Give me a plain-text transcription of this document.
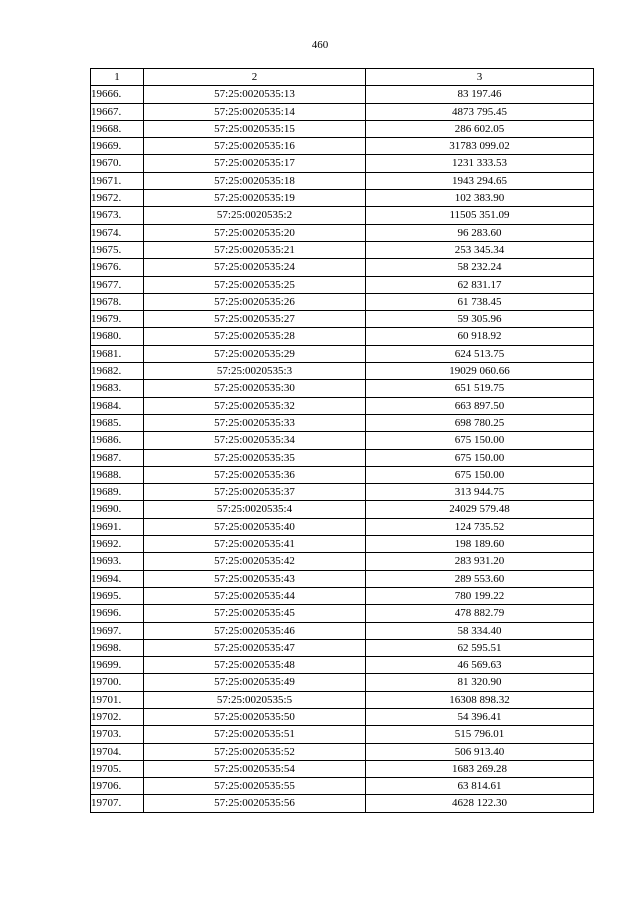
460
1	2	3
19666.	57:25:0020535:13	83 197.46
19667.	57:25:0020535:14	4873 795.45
19668.	57:25:0020535:15	286 602.05
19669.	57:25:0020535:16	31783 099.02
19670.	57:25:0020535:17	1231 333.53
19671.	57:25:0020535:18	1943 294.65
19672.	57:25:0020535:19	102 383.90
19673.	57:25:0020535:2	11505 351.09
19674.	57:25:0020535:20	96 283.60
19675.	57:25:0020535:21	253 345.34
19676.	57:25:0020535:24	58 232.24
19677.	57:25:0020535:25	62 831.17
19678.	57:25:0020535:26	61 738.45
19679.	57:25:0020535:27	59 305.96
19680.	57:25:0020535:28	60 918.92
19681.	57:25:0020535:29	624 513.75
19682.	57:25:0020535:3	19029 060.66
19683.	57:25:0020535:30	651 519.75
19684.	57:25:0020535:32	663 897.50
19685.	57:25:0020535:33	698 780.25
19686.	57:25:0020535:34	675 150.00
19687.	57:25:0020535:35	675 150.00
19688.	57:25:0020535:36	675 150.00
19689.	57:25:0020535:37	313 944.75
19690.	57:25:0020535:4	24029 579.48
19691.	57:25:0020535:40	124 735.52
19692.	57:25:0020535:41	198 189.60
19693.	57:25:0020535:42	283 931.20
19694.	57:25:0020535:43	289 553.60
19695.	57:25:0020535:44	780 199.22
19696.	57:25:0020535:45	478 882.79
19697.	57:25:0020535:46	58 334.40
19698.	57:25:0020535:47	62 595.51
19699.	57:25:0020535:48	46 569.63
19700.	57:25:0020535:49	81 320.90
19701.	57:25:0020535:5	16308 898.32
19702.	57:25:0020535:50	54 396.41
19703.	57:25:0020535:51	515 796.01
19704.	57:25:0020535:52	506 913.40
19705.	57:25:0020535:54	1683 269.28
19706.	57:25:0020535:55	63 814.61
19707.	57:25:0020535:56	4628 122.30
